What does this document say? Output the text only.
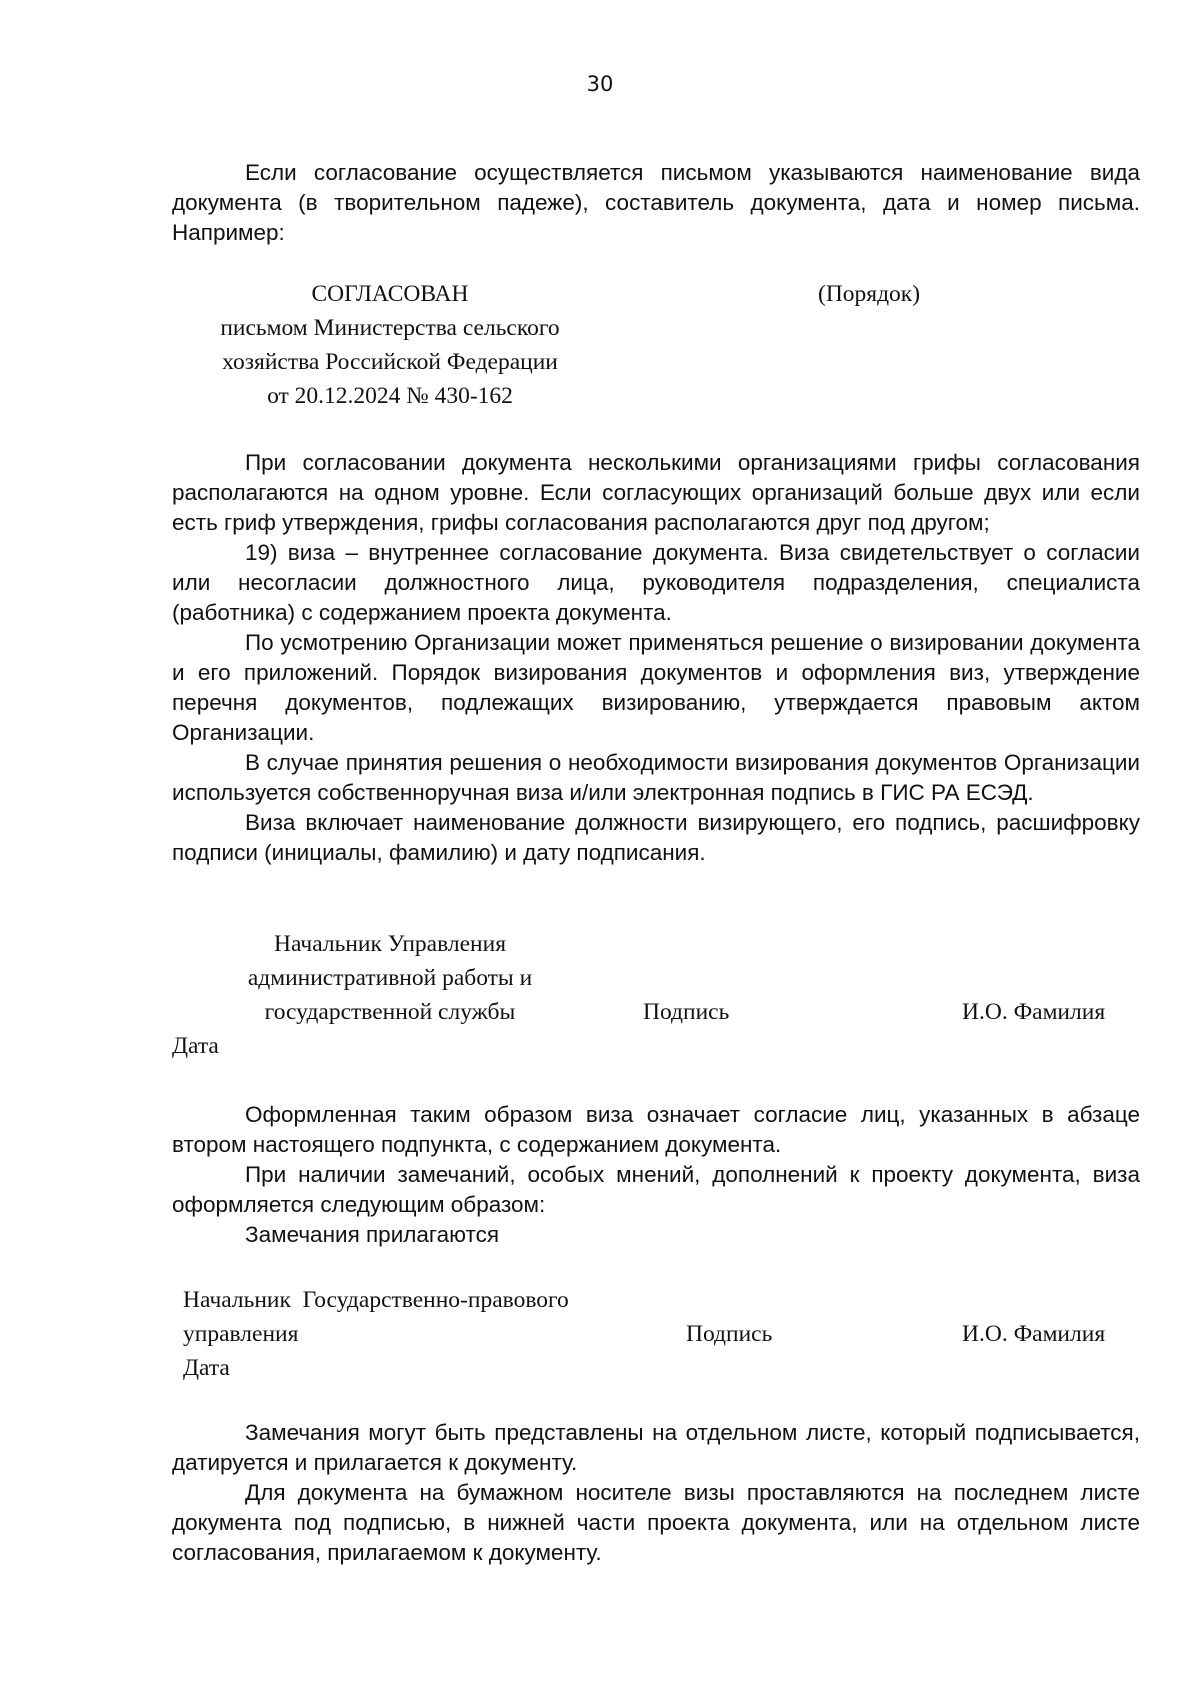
30

Если согласование осуществляется письмом указываются наименование вида документа (в творительном падеже), составитель документа, дата и номер письма. Например:

СОГЛАСОВАН
письмом Министерства сельского
хозяйства Российской Федерации
от 20.12.2024 № 430-162
(Порядок)

При согласовании документа несколькими организациями грифы согласования располагаются на одном уровне. Если согласующих организаций больше двух или если есть гриф утверждения, грифы согласования располагаются друг под другом;

19) виза – внутреннее согласование документа. Виза свидетельствует о согласии или несогласии должностного лица, руководителя подразделения, специалиста (работника) с содержанием проекта документа.

По усмотрению Организации может применяться решение о визировании документа и его приложений. Порядок визирования документов и оформления виз, утверждение перечня документов, подлежащих визированию, утверждается правовым актом Организации.

В случае принятия решения о необходимости визирования документов Организации используется собственноручная виза и/или электронная подпись в ГИС РА ЕСЭД.

Виза включает наименование должности визирующего, его подпись, расшифровку подписи (инициалы, фамилию) и дату подписания.

Начальник Управления
административной работы и
государственной службы	Подпись	И.О. Фамилия
Дата

Оформленная таким образом виза означает согласие лиц, указанных в абзаце втором настоящего подпункта, с содержанием документа.

При наличии замечаний, особых мнений, дополнений к проекту документа, виза оформляется следующим образом:

Замечания прилагаются

Начальник  Государственно-правового
управления	Подпись	И.О. Фамилия
Дата

Замечания могут быть представлены на отдельном листе, который подписывается, датируется и прилагается к документу.

Для документа на бумажном носителе визы проставляются на последнем листе документа под подписью, в нижней части проекта документа, или на отдельном листе согласования, прилагаемом к документу.
